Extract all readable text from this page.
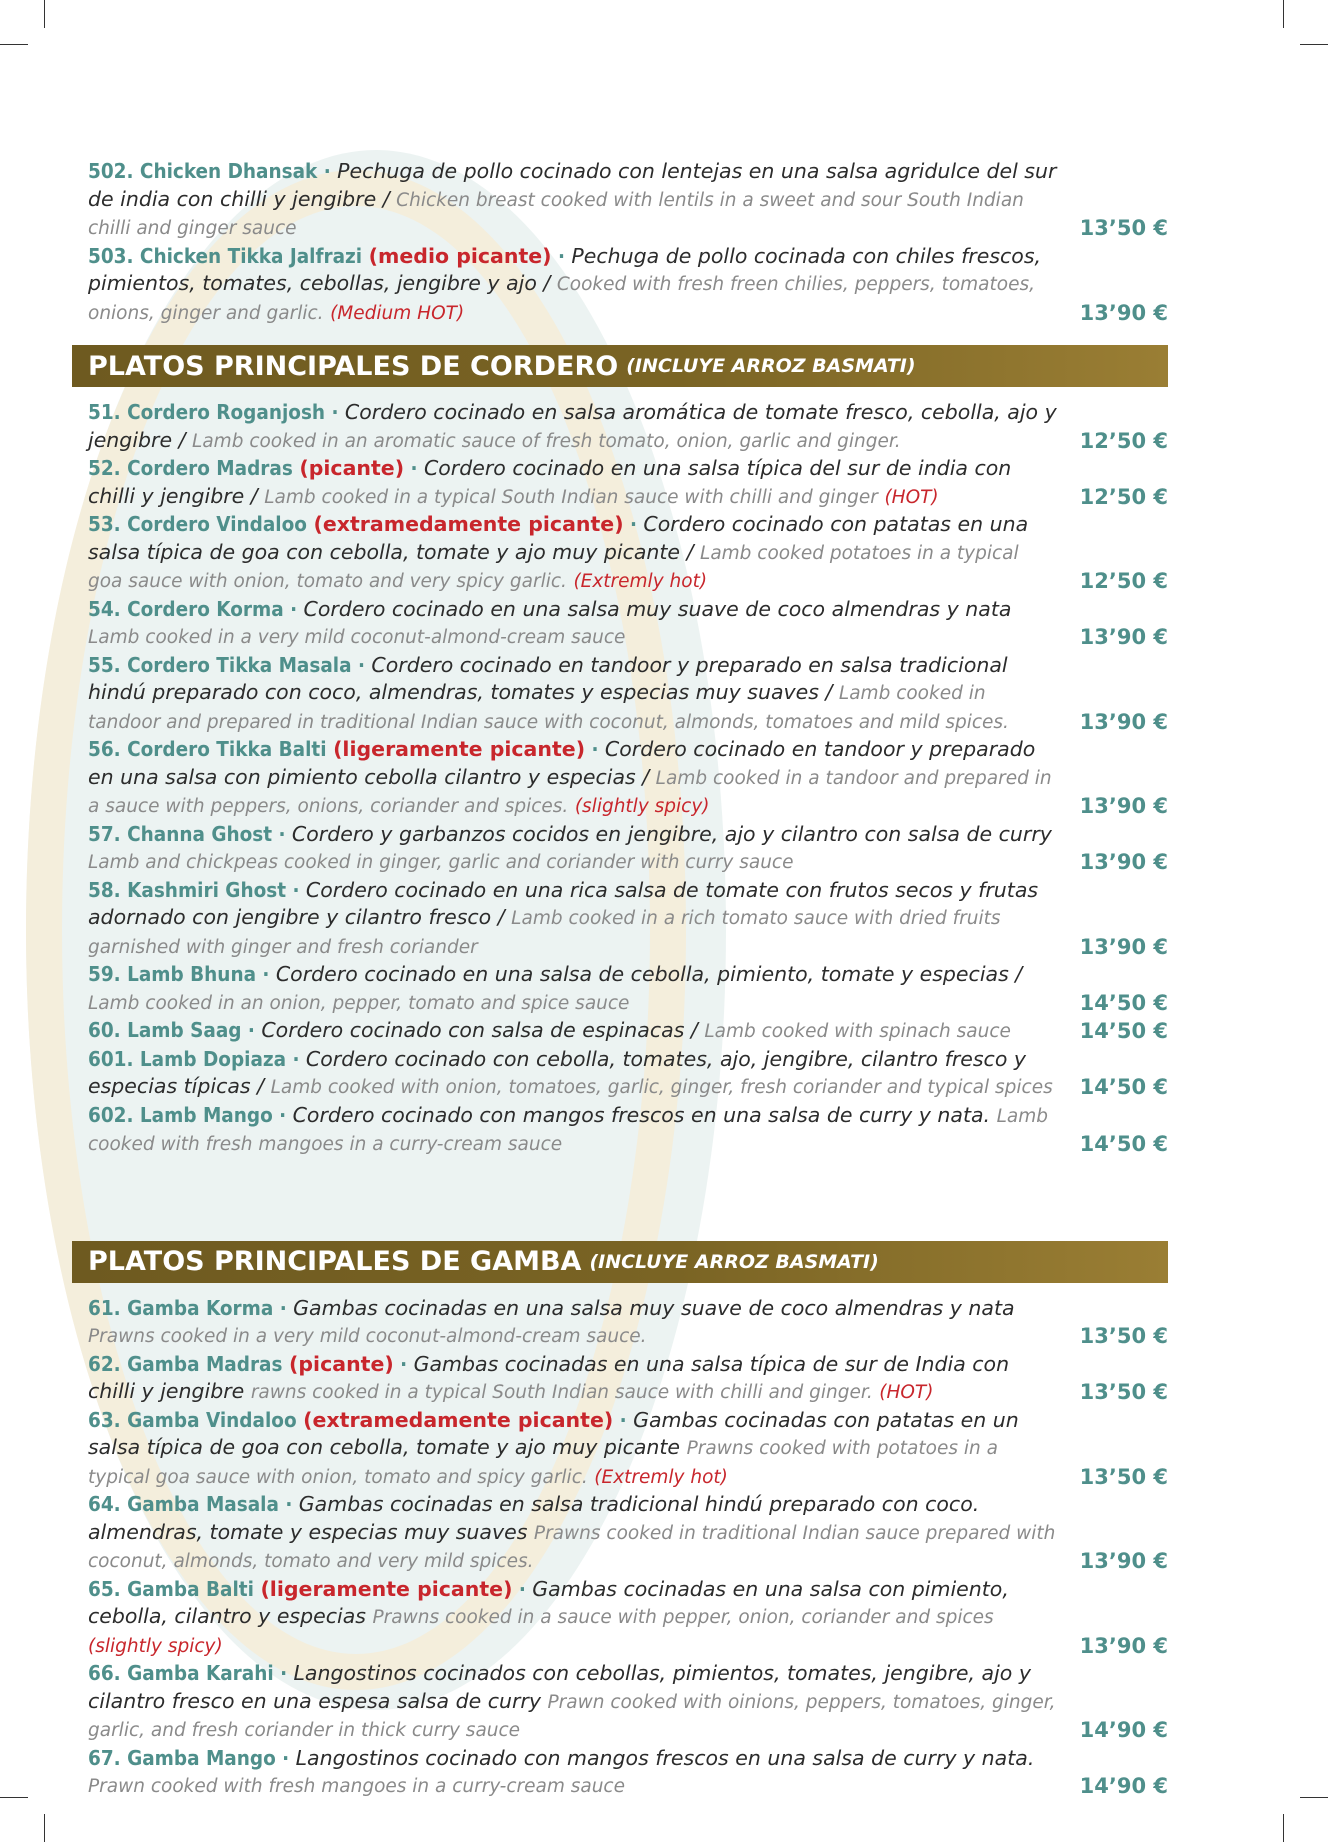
502. Chicken Dhansak · Pechuga de pollo cocinado con lentejas en una salsa agridulce del sur de india con chilli y jengibre / Chicken breast cooked with lentils in a sweet and sour South Indian chilli and ginger sauce	13’50 €
503. Chicken Tikka Jalfrazi (medio picante) · Pechuga de pollo cocinada con chiles frescos, pimientos, tomates, cebollas, jengibre y ajo / Cooked with fresh freen chilies, peppers, tomatoes, onions, ginger and garlic. (Medium HOT)	13’90 €
PLATOS PRINCIPALES DE CORDERO (INCLUYE ARROZ BASMATI)
51. Cordero Roganjosh · Cordero cocinado en salsa aromática de tomate fresco, cebolla, ajo y jengibre / Lamb cooked in an aromatic sauce of fresh tomato, onion, garlic and ginger.	12’50 €
52. Cordero Madras (picante) · Cordero cocinado en una salsa típica del sur de india con chilli y jengibre / Lamb cooked in a typical South Indian sauce with chilli and ginger (HOT)	12’50 €
53. Cordero Vindaloo (extramedamente picante) · Cordero cocinado con patatas en una salsa típica de goa con cebolla, tomate y ajo muy picante / Lamb cooked potatoes in a typical goa sauce with onion, tomato and very spicy garlic. (Extremly hot)	12’50 €
54. Cordero Korma · Cordero cocinado en una salsa muy suave de coco almendras y nata Lamb cooked in a very mild coconut-almond-cream sauce	13’90 €
55. Cordero Tikka Masala · Cordero cocinado en tandoor y preparado en salsa tradicional hindú preparado con coco, almendras, tomates y especias muy suaves / Lamb cooked in tandoor and prepared in traditional Indian sauce with coconut, almonds, tomatoes and mild spices.	13’90 €
56. Cordero Tikka Balti (ligeramente picante) · Cordero cocinado en tandoor y preparado en una salsa con pimiento cebolla cilantro y especias / Lamb cooked in a tandoor and prepared in a sauce with peppers, onions, coriander and spices. (slightly spicy)	13’90 €
57. Channa Ghost · Cordero y garbanzos cocidos en jengibre, ajo y cilantro con salsa de curry Lamb and chickpeas cooked in ginger, garlic and coriander with curry sauce	13’90 €
58. Kashmiri Ghost · Cordero cocinado en una rica salsa de tomate con frutos secos y frutas adornado con jengibre y cilantro fresco / Lamb cooked in a rich tomato sauce with dried fruits garnished with ginger and fresh coriander	13’90 €
59. Lamb Bhuna · Cordero cocinado en una salsa de cebolla, pimiento, tomate y especias / Lamb cooked in an onion, pepper, tomato and spice sauce	14’50 €
60. Lamb Saag · Cordero cocinado con salsa de espinacas / Lamb cooked with spinach sauce	14’50 €
601. Lamb Dopiaza · Cordero cocinado con cebolla, tomates, ajo, jengibre, cilantro fresco y especias típicas / Lamb cooked with onion, tomatoes, garlic, ginger, fresh coriander and typical spices 14’50 €
602. Lamb Mango · Cordero cocinado con mangos frescos en una salsa de curry y nata. Lamb cooked with fresh mangoes in a curry-cream sauce	14’50 €
PLATOS PRINCIPALES DE GAMBA (INCLUYE ARROZ BASMATI)
61. Gamba Korma · Gambas cocinadas en una salsa muy suave de coco almendras y nata Prawns cooked in a very mild coconut-almond-cream sauce.	13’50 €
62. Gamba Madras (picante) · Gambas cocinadas en una salsa típica de sur de India con chilli y jengibre rawns cooked in a typical South Indian sauce with chilli and ginger. (HOT)	13’50 €
63. Gamba Vindaloo (extramedamente picante) · Gambas cocinadas con patatas en un salsa típica de goa con cebolla, tomate y ajo muy picante Prawns cooked with potatoes in a typical goa sauce with onion, tomato and spicy garlic. (Extremly hot)	13’50 €
64. Gamba Masala · Gambas cocinadas en salsa tradicional hindú preparado con coco. almendras, tomate y especias muy suaves Prawns cooked in traditional Indian sauce prepared with coconut, almonds, tomato and very mild spices.	13’90 €
65. Gamba Balti (ligeramente picante) · Gambas cocinadas en una salsa con pimiento, cebolla, cilantro y especias Prawns cooked in a sauce with pepper, onion, coriander and spices (slightly spicy)	13’90 €
66. Gamba Karahi · Langostinos cocinados con cebollas, pimientos, tomates, jengibre, ajo y cilantro fresco en una espesa salsa de curry Prawn cooked with oinions, peppers, tomatoes, ginger, garlic, and fresh coriander in thick curry sauce	14’90 €
67. Gamba Mango · Langostinos cocinado con mangos frescos en una salsa de curry y nata. Prawn cooked with fresh mangoes in a curry-cream sauce	14’90 €
